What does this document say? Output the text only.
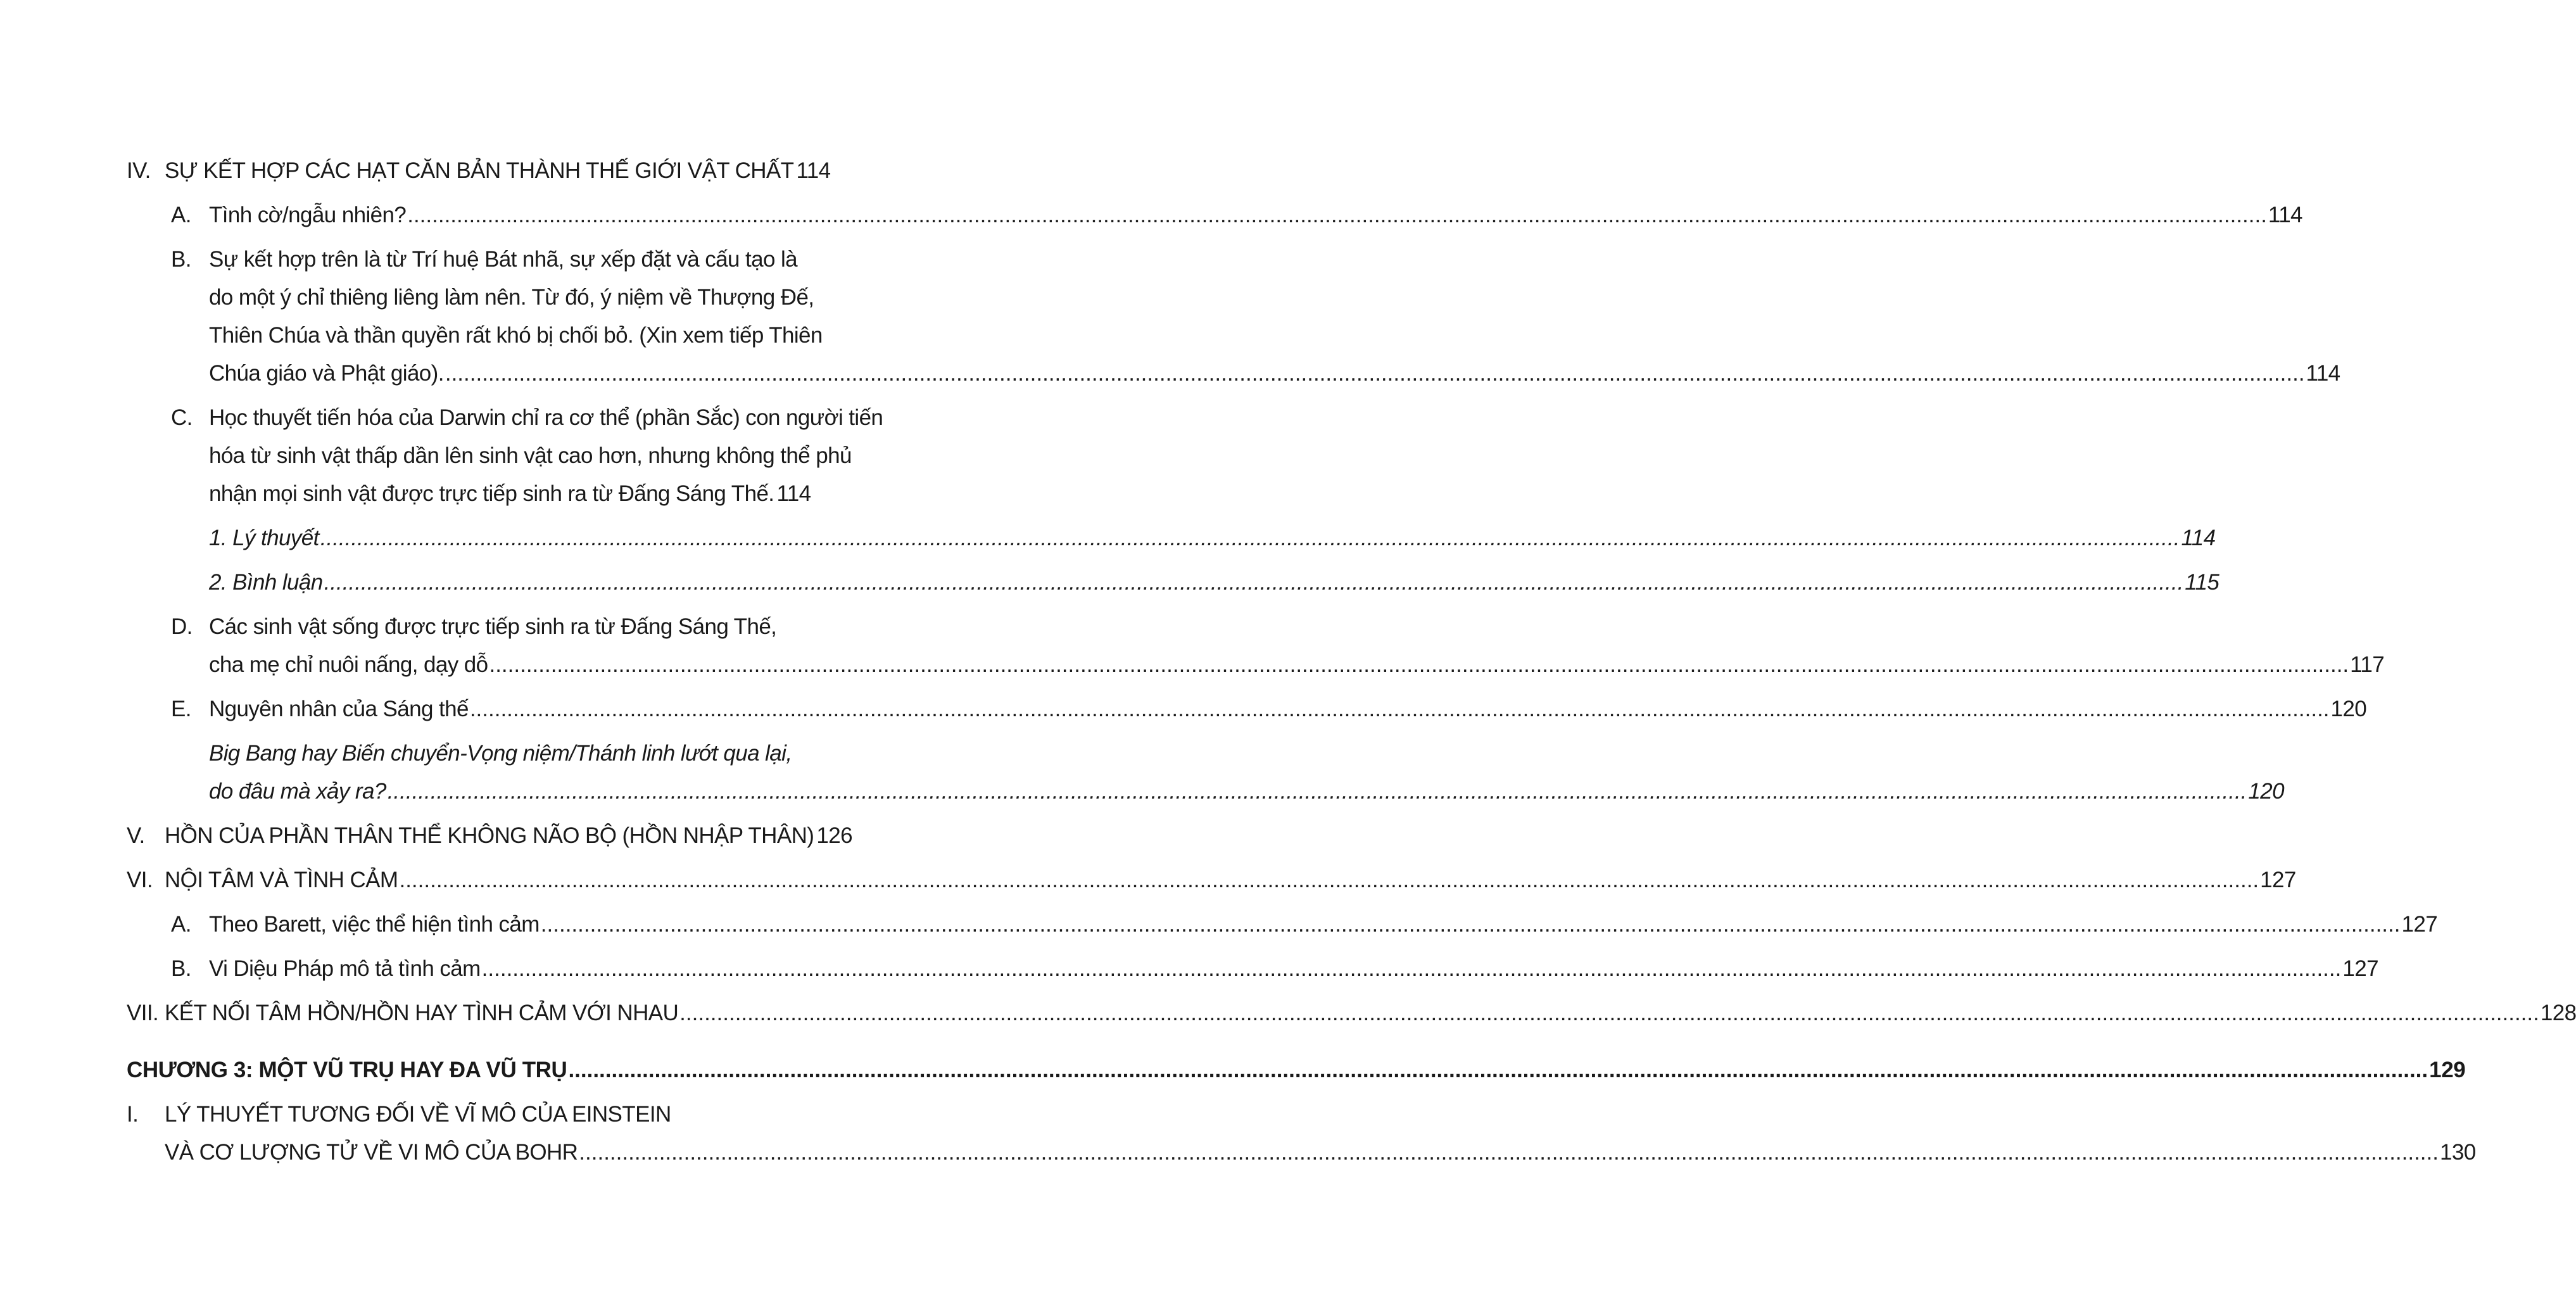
IV. SỰ KẾT HỢP CÁC HẠT CĂN BẢN THÀNH THẾ GIỚI VẬT CHẤT 114
A. Tình cờ/ngẫu nhiên? .....	114
B. Sự kết hợp trên là từ Trí huệ Bát nhã, sự xếp đặt và cấu tạo là
do một ý chỉ thiêng liêng làm nên. Từ đó, ý niệm về Thượng Đế,
Thiên Chúa và thần quyền rất khó bị chối bỏ. (Xin xem tiếp Thiên
Chúa giáo và Phật giáo). .....	114
C. Học thuyết tiến hóa của Darwin chỉ ra cơ thể (phần Sắc) con người tiến
hóa từ sinh vật thấp dần lên sinh vật cao hơn, nhưng không thể phủ
nhận mọi sinh vật được trực tiếp sinh ra từ Đấng Sáng Thế. 114
1. Lý thuyết .....	114
2. Bình luận .....	115
D. Các sinh vật sống được trực tiếp sinh ra từ Đấng Sáng Thế,
cha mẹ chỉ nuôi nấng, dạy dỗ .....	117
E. Nguyên nhân của Sáng thế .....	120
Big Bang hay Biến chuyển-Vọng niệm/Thánh linh lướt qua lại,
do đâu mà xảy ra? .....	120
V. HỒN CỦA PHẦN THÂN THỂ KHÔNG NÃO BỘ (HỒN NHẬP THÂN) 126
VI. NỘI TÂM VÀ TÌNH CẢM .....	127
A. Theo Barett, việc thể hiện tình cảm .....	127
B. Vi Diệu Pháp mô tả tình cảm .....	127
VII. KẾT NỐI TÂM HỒN/HỒN HAY TÌNH CẢM VỚI NHAU .....	128
CHƯƠNG 3: MỘT VŨ TRỤ HAY ĐA VŨ TRỤ .....	129
I. LÝ THUYẾT TƯƠNG ĐỐI VỀ VĨ MÔ CỦA EINSTEIN
VÀ CƠ LƯỢNG TỬ VỀ VI MÔ CỦA BOHR .....	130
